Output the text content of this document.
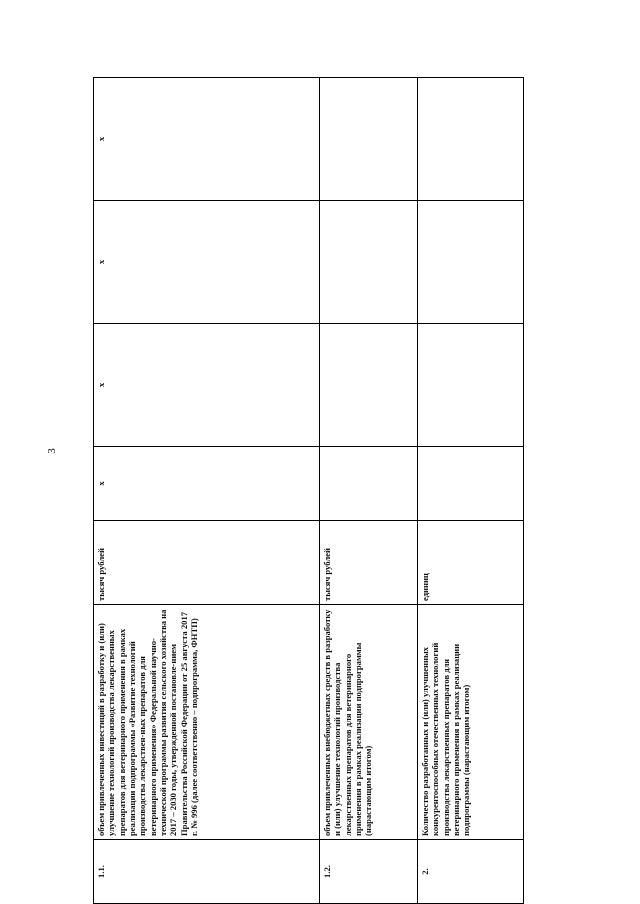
3
1.1.	объем привлеченных инвестиций в разработку и (или) улучшение технологий производства лекарственных препаратов для ветеринарного применения в рамках реализации подпрограммы «Развитие технологий производства лекарствен-ных препаратов для ветеринарного применения» Федеральной научно-технической программы развития сельского хозяйства на 2017 – 2030 годы, утвержденной постановле-нием Правительства Российской Федерации от 25 августа 2017 г. № 996 (далее соответственно – подпрограмма, ФНТП)	тысяч рублей	х	х	х	х
1.2.	объем привлеченных внебюджетных средств в разработку и (или) улучшение технологий производства лекарственных препаратов для ветеринарного применения в рамках реализации подпрограммы (нарастающим итогом)	тысяч рублей				
2.	Количество разработанных и (или) улучшенных конкурентоспособных отечественных технологий производства лекарственных препаратов для ветеринарного применения в рамках реализации подпрограммы (нарастающим итогом)	единиц				
